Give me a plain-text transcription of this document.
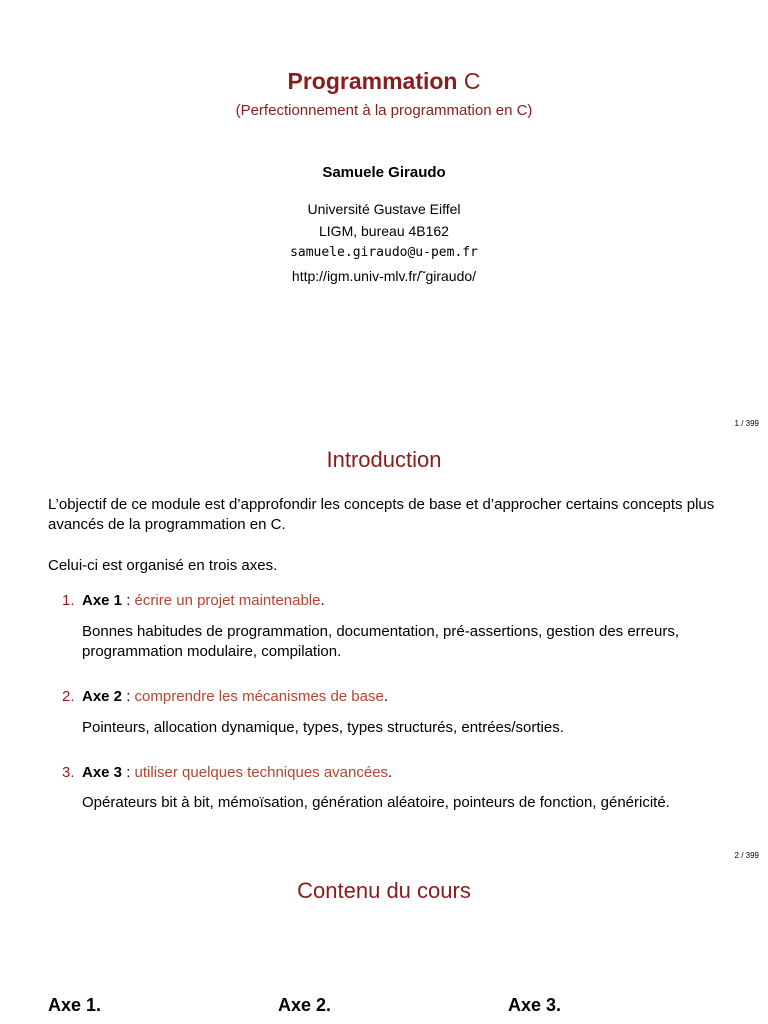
Programmation C
(Perfectionnement à la programmation en C)
Samuele Giraudo
Université Gustave Eiffel
LIGM, bureau 4B162
samuele.giraudo@u-pem.fr
http://igm.univ-mlv.fr/˜giraudo/
1 / 399
Introduction
L’objectif de ce module est d’approfondir les concepts de base et d’approcher certains concepts plus avancés de la programmation en C.
Celui-ci est organisé en trois axes.
1. Axe 1 : écrire un projet maintenable.
Bonnes habitudes de programmation, documentation, pré-assertions, gestion des erreurs, programmation modulaire, compilation.
2. Axe 2 : comprendre les mécanismes de base.
Pointeurs, allocation dynamique, types, types structurés, entrées/sorties.
3. Axe 3 : utiliser quelques techniques avancées.
Opérateurs bit à bit, mémoïsation, génération aléatoire, pointeurs de fonction, généricité.
2 / 399
Contenu du cours
Axe 1.	Axe 2.	Axe 3.
